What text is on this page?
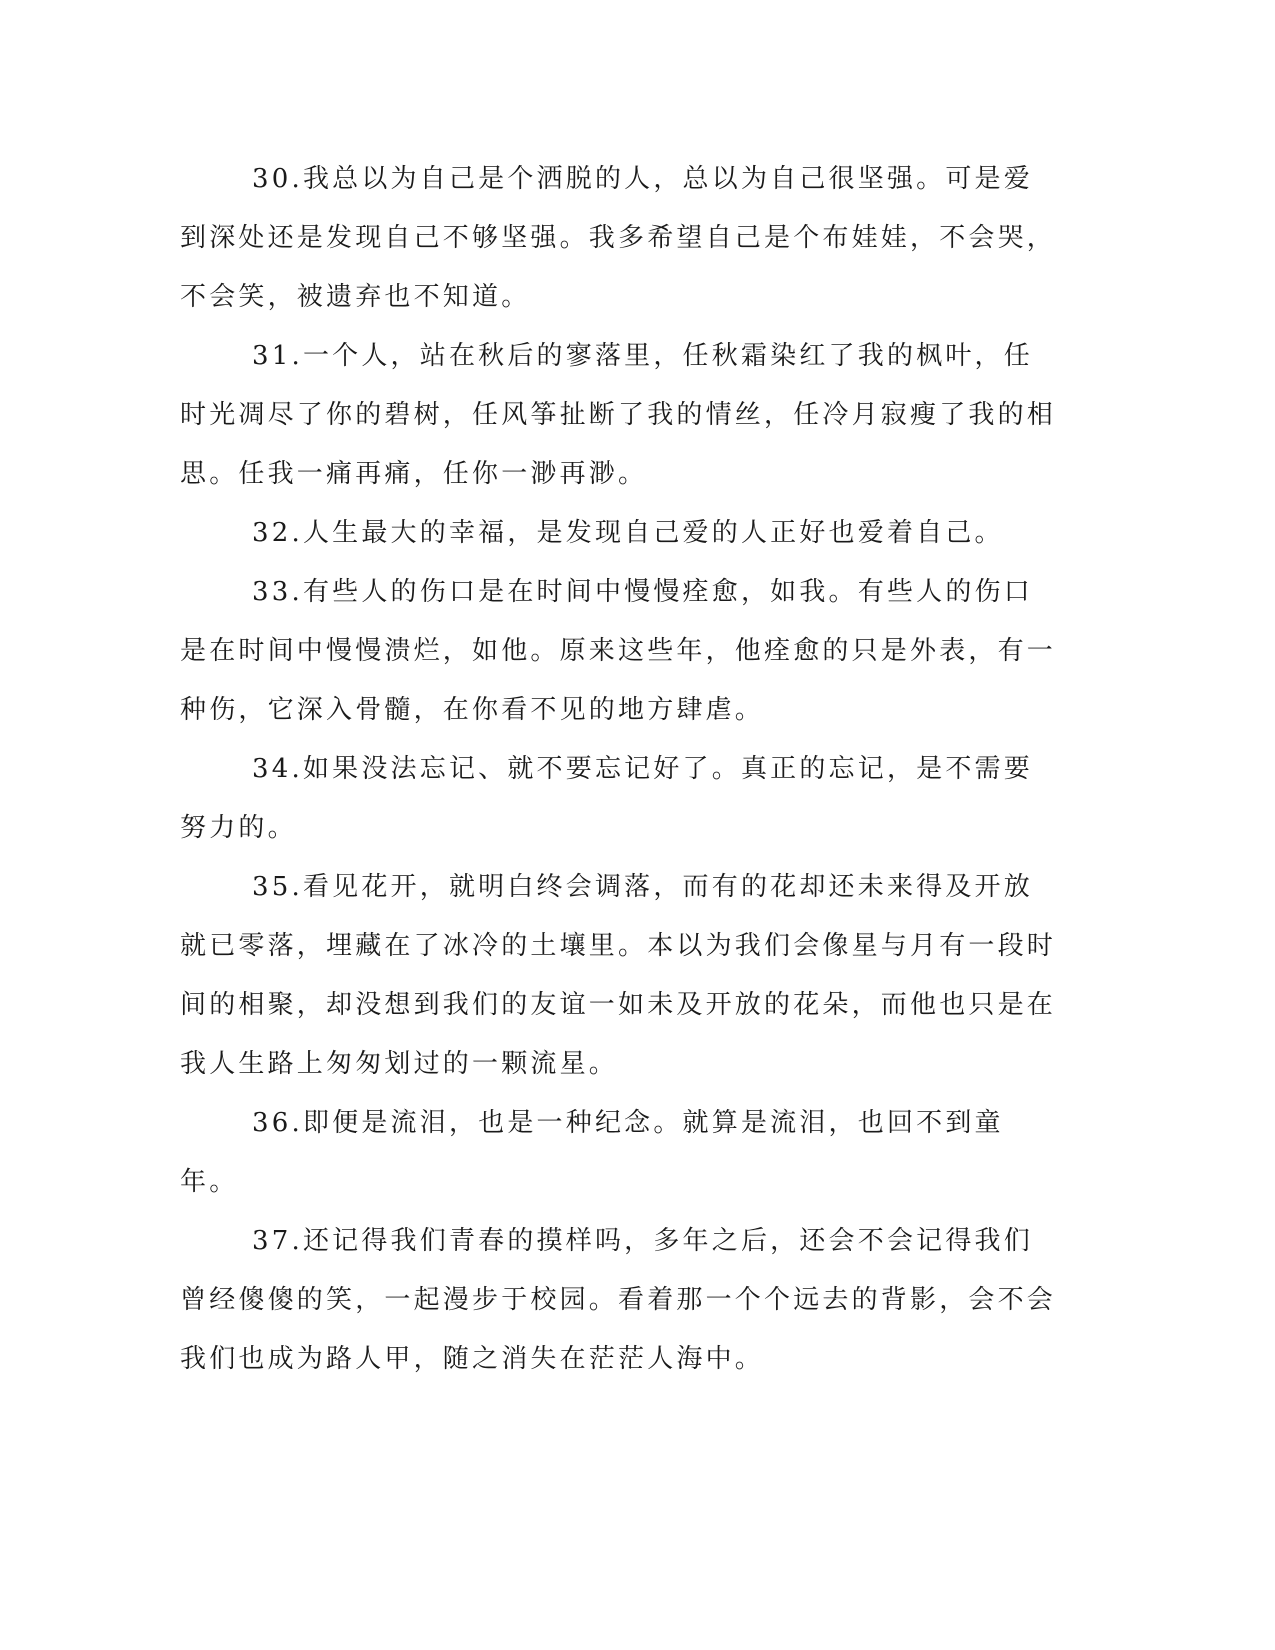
30.我总以为自己是个洒脱的人，总以为自己很坚强。可是爱到深处还是发现自己不够坚强。我多希望自己是个布娃娃，不会哭，不会笑，被遗弃也不知道。

31.一个人，站在秋后的寥落里，任秋霜染红了我的枫叶，任时光凋尽了你的碧树，任风筝扯断了我的情丝，任冷月寂瘦了我的相思。任我一痛再痛，任你一渺再渺。

32.人生最大的幸福，是发现自己爱的人正好也爱着自己。

33.有些人的伤口是在时间中慢慢痊愈，如我。有些人的伤口是在时间中慢慢溃烂，如他。原来这些年，他痊愈的只是外表，有一种伤，它深入骨髓，在你看不见的地方肆虐。

34.如果没法忘记、就不要忘记好了。真正的忘记，是不需要努力的。

35.看见花开，就明白终会调落，而有的花却还未来得及开放就已零落，埋藏在了冰冷的土壤里。本以为我们会像星与月有一段时间的相聚，却没想到我们的友谊一如未及开放的花朵，而他也只是在我人生路上匆匆划过的一颗流星。

36.即便是流泪，也是一种纪念。就算是流泪，也回不到童年。

37.还记得我们青春的摸样吗，多年之后，还会不会记得我们曾经傻傻的笑，一起漫步于校园。看着那一个个远去的背影，会不会我们也成为路人甲，随之消失在茫茫人海中。
